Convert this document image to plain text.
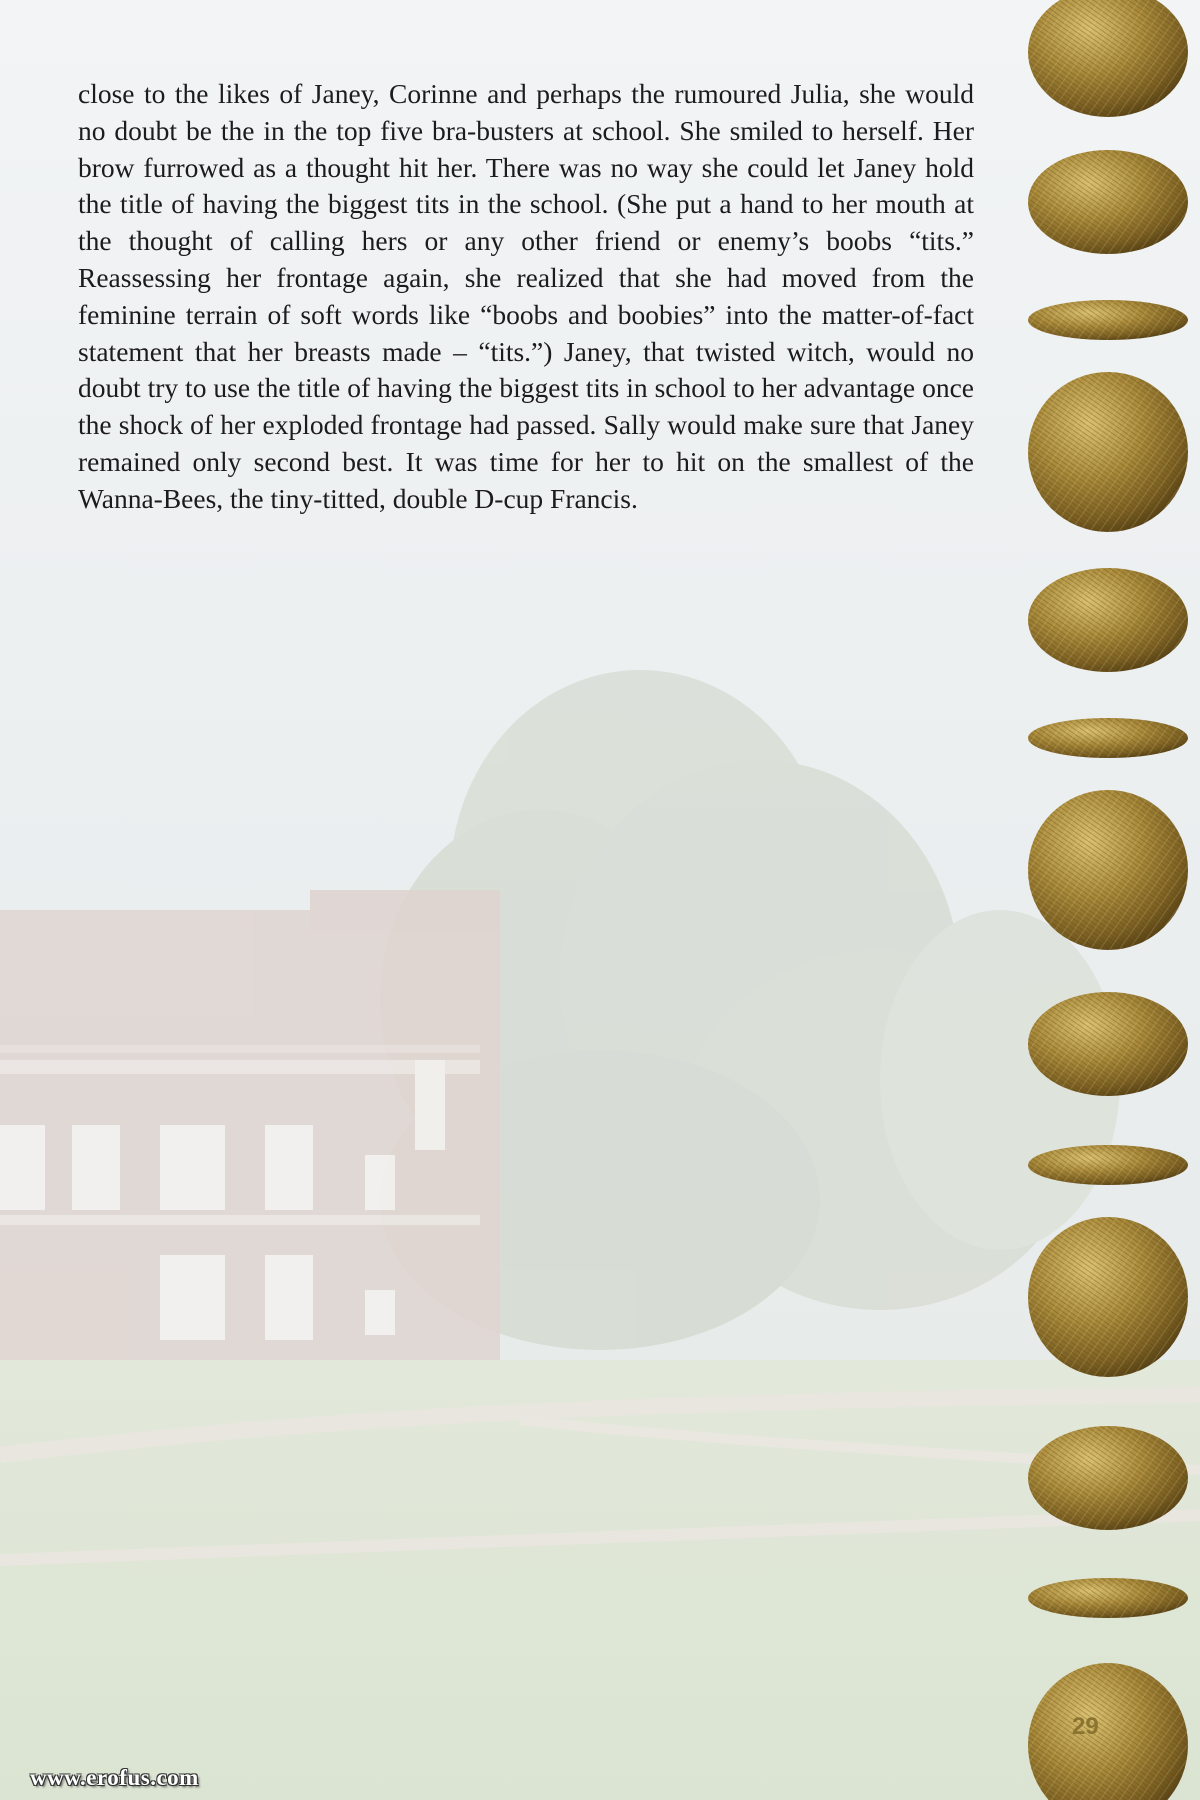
close to the likes of Janey, Corinne and perhaps the rumoured Julia, she would no doubt be the in the top five bra-busters at school. She smiled to herself. Her brow furrowed as a thought hit her. There was no way she could let Janey hold the title of having the biggest tits in the school. (She put a hand to her mouth at the thought of calling hers or any other friend or enemy’s boobs “tits.” Reassessing her frontage again, she realized that she had moved from the feminine terrain of soft words like “boobs and boobies” into the matter-of-fact statement that her breasts made – “tits.”) Janey, that twisted witch, would no doubt try to use the title of having the biggest tits in school to her advantage once the shock of her exploded frontage had passed. Sally would make sure that Janey remained only second best. It was time for her to hit on the smallest of the Wanna-Bees, the tiny-titted, double D-cup Francis.

29
www.erofus.com
